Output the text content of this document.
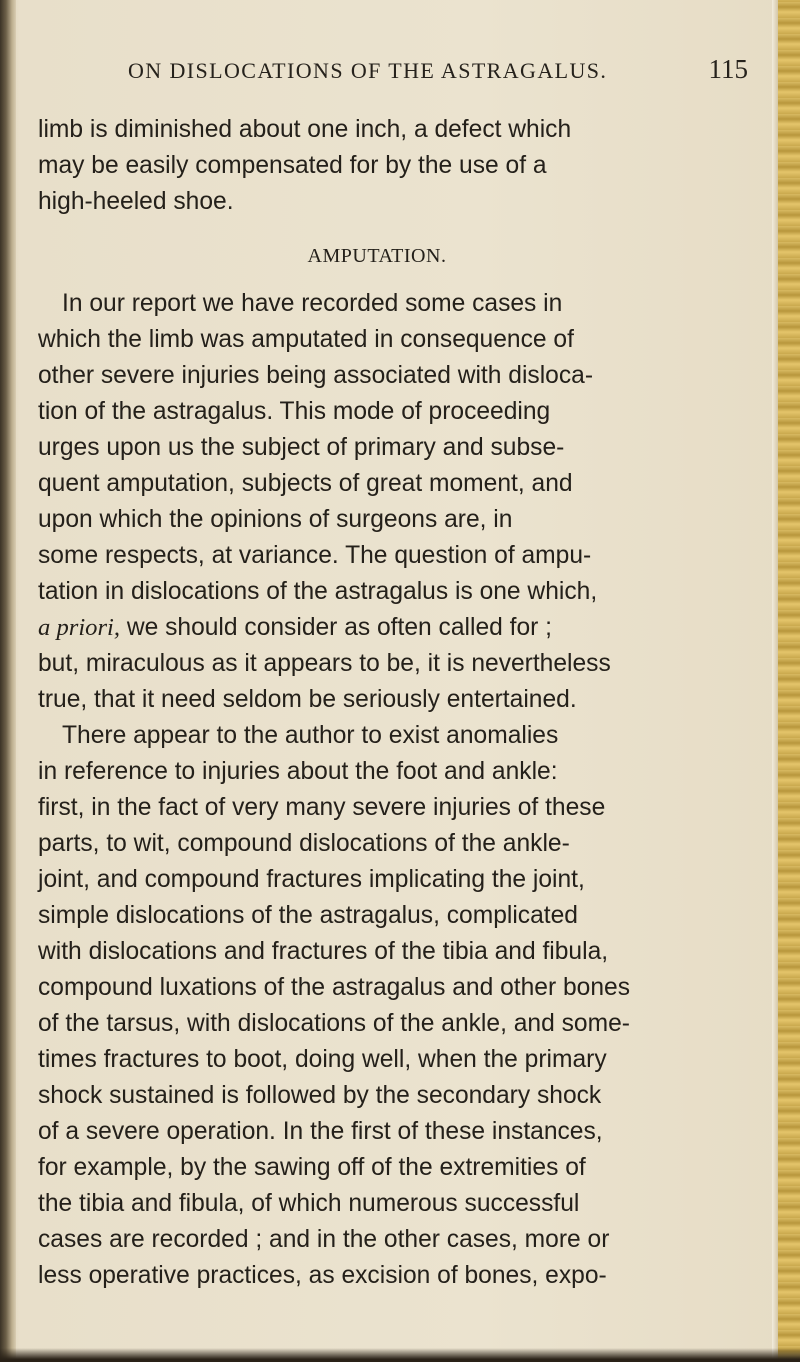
ON DISLOCATIONS OF THE ASTRAGALUS.	115
limb is diminished about one inch, a defect which
may be easily compensated for by the use of a
high-heeled shoe.
AMPUTATION.
In our report we have recorded some cases in
which the limb was amputated in consequence of
other severe injuries being associated with disloca-
tion of the astragalus. This mode of proceeding
urges upon us the subject of primary and subse-
quent amputation, subjects of great moment, and
upon which the opinions of surgeons are, in
some respects, at variance. The question of ampu-
tation in dislocations of the astragalus is one which,
a priori, we should consider as often called for ;
but, miraculous as it appears to be, it is nevertheless
true, that it need seldom be seriously entertained.
There appear to the author to exist anomalies
in reference to injuries about the foot and ankle:
first, in the fact of very many severe injuries of these
parts, to wit, compound dislocations of the ankle-
joint, and compound fractures implicating the joint,
simple dislocations of the astragalus, complicated
with dislocations and fractures of the tibia and fibula,
compound luxations of the astragalus and other bones
of the tarsus, with dislocations of the ankle, and some-
times fractures to boot, doing well, when the primary
shock sustained is followed by the secondary shock
of a severe operation. In the first of these instances,
for example, by the sawing off of the extremities of
the tibia and fibula, of which numerous successful
cases are recorded ; and in the other cases, more or
less operative practices, as excision of bones, expo-
